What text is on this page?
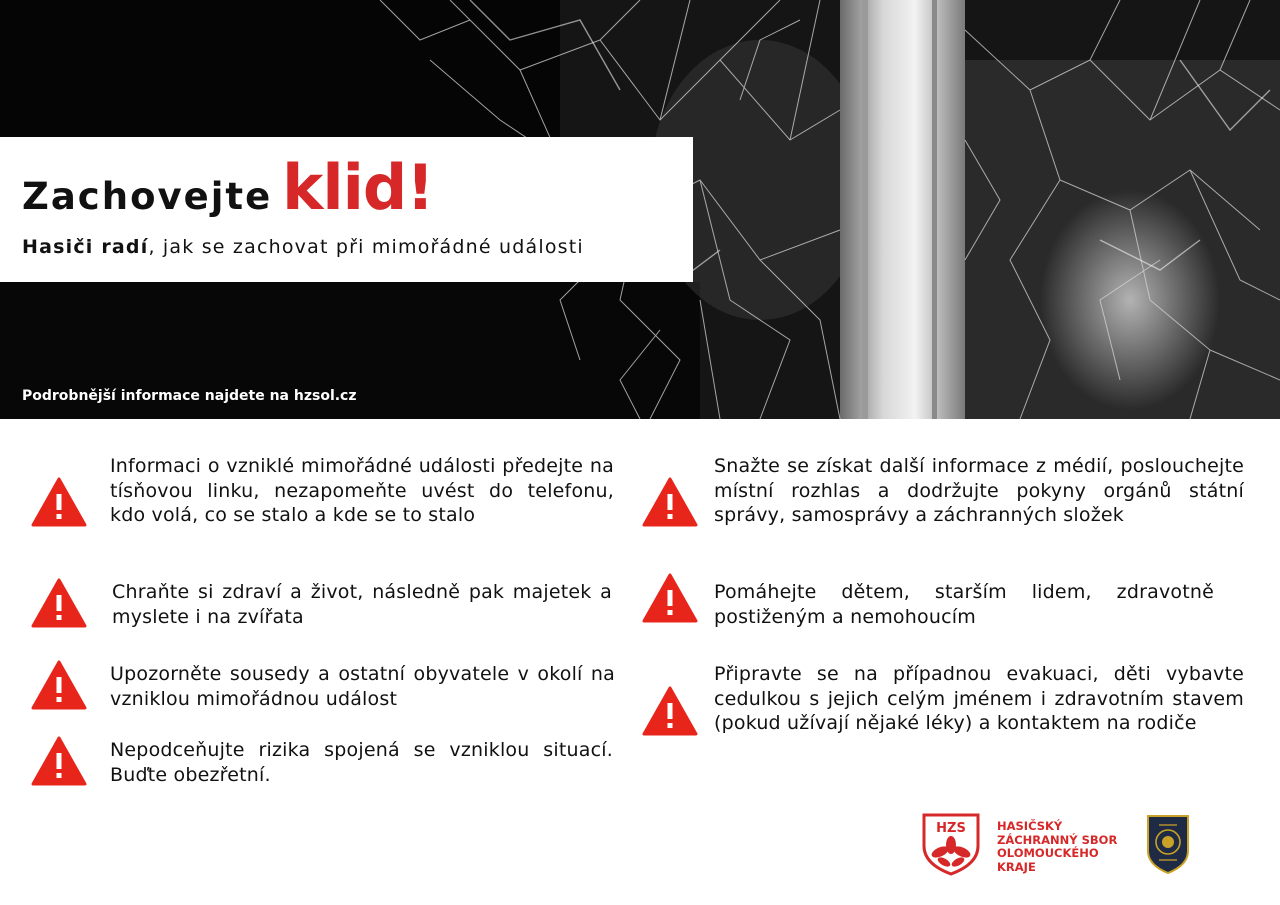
Zachovejte klid!
Hasiči radí, jak se zachovat při mimořádné události
Podrobnější informace najdete na hzsol.cz
Informaci o vzniklé mimořádné události předejte na tísňovou linku, nezapomeňte uvést do telefonu, kdo volá, co se stalo a kde se to stalo
Chraňte si zdraví a život, následně pak majetek a myslete i na zvířata
Upozorněte sousedy a ostatní obyvatele v okolí na vzniklou mimořádnou událost
Nepodceňujte rizika spojená se vzniklou situací. Buďte obezřetní.
Snažte se získat další informace z médií, poslouchejte místní rozhlas a dodržujte pokyny orgánů státní správy, samosprávy a záchranných složek
Pomáhejte dětem, starším lidem, zdravotně postiženým a nemohoucím
Připravte se na případnou evakuaci, děti vybavte cedulkou s jejich celým jménem i zdravotním stavem (pokud užívají nějaké léky) a kontaktem na rodiče
HZS	HASIČSKÝ
ZÁCHRANNÝ SBOR
OLOMOUCKÉHO
KRAJE
